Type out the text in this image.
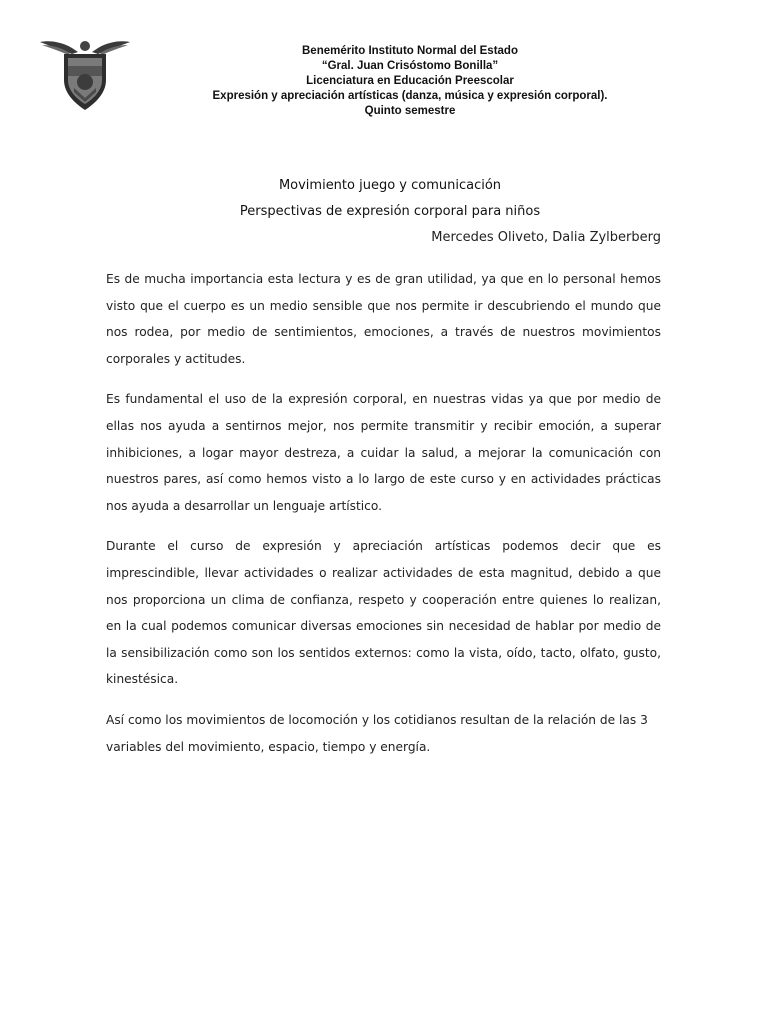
Benemérito Instituto Normal del Estado
“Gral. Juan Crisóstomo Bonilla”
Licenciatura en Educación Preescolar
Expresión y apreciación artísticas (danza, música y expresión corporal).
Quinto semestre
Movimiento juego y comunicación
Perspectivas de expresión corporal para niños
Mercedes Oliveto, Dalia Zylberberg

Es de mucha importancia esta lectura y es de gran utilidad, ya que en lo personal hemos visto que el cuerpo es un medio sensible que nos permite ir descubriendo el mundo que nos rodea, por medio de sentimientos, emociones, a través de nuestros movimientos corporales y actitudes.

Es fundamental el uso de la expresión corporal, en nuestras vidas ya que por medio de ellas nos ayuda a sentirnos mejor, nos permite transmitir y recibir emoción, a superar inhibiciones, a logar mayor destreza, a cuidar la salud, a mejorar la comunicación con nuestros pares, así como hemos visto a lo largo de este curso y en actividades prácticas nos ayuda a desarrollar un lenguaje artístico.

Durante el curso de expresión y apreciación artísticas podemos decir que es imprescindible, llevar actividades o realizar actividades de esta magnitud, debido a que nos proporciona un clima de confianza, respeto y cooperación entre quienes lo realizan, en la cual podemos comunicar diversas emociones sin necesidad de hablar por medio de la sensibilización como son los sentidos externos: como la vista, oído, tacto, olfato, gusto, kinestésica.

Así como los movimientos de locomoción y los cotidianos resultan de la relación de las 3 variables del movimiento, espacio, tiempo y energía.
